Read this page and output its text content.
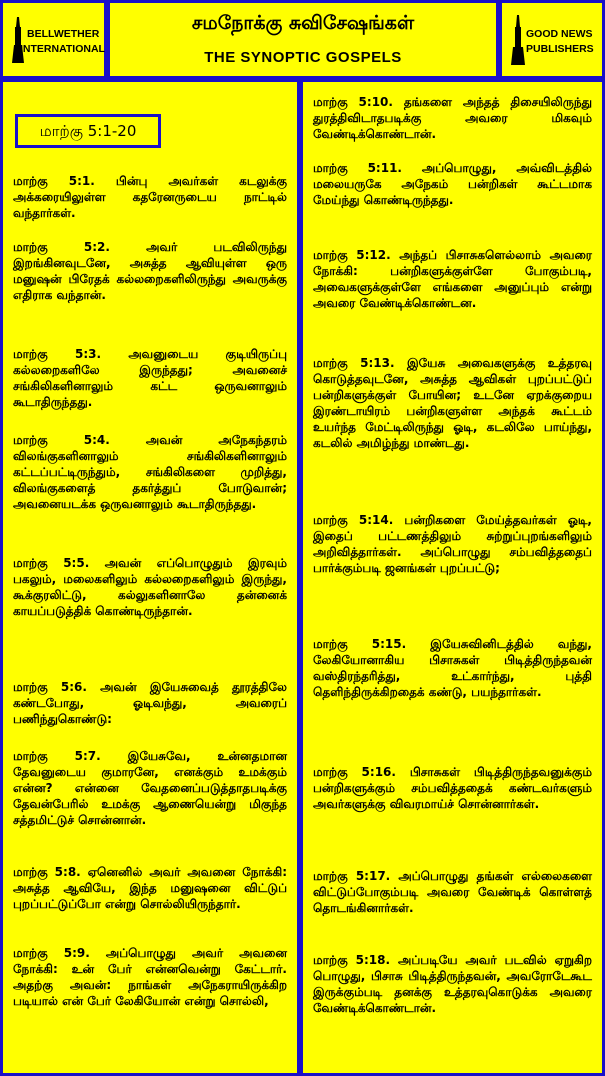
BELLWETHER
INTERNATIONAL
சமநோக்கு சுவிசேஷங்கள்
THE SYNOPTIC GOSPELS
GOOD NEWS
PUBLISHERS
மாற்கு 5:1-20
மாற்கு 5:1. பின்பு அவர்கள் கடலுக்கு அக்கரையிலுள்ள கதரேனருடைய நாட்டில் வந்தார்கள்.
மாற்கு 5:2. அவர் படவிலிருந்து இறங்கினவுடனே, அசுத்த ஆவியுள்ள ஒரு மனுஷன் பிரேதக் கல்லறைகளிலிருந்து அவருக்கு எதிராக வந்தான்.
மாற்கு 5:3. அவனுடைய குடியிருப்பு கல்லறைகளிலே இருந்தது; அவனைச் சங்கிலிகளினாலும் கட்ட ஒருவனாலும் கூடாதிருந்தது.
மாற்கு 5:4. அவன் அநேகந்தரம் விலங்குகளினாலும் சங்கிலிகளினாலும் கட்டப்பட்டிருந்தும், சங்கிலிகளை முறித்து, விலங்குகளைத் தகர்த்துப் போடுவான்; அவனையடக்க ஒருவனாலும் கூடாதிருந்தது.
மாற்கு 5:5. அவன் எப்பொழுதும் இரவும் பகலும், மலைகளிலும் கல்லறைகளிலும் இருந்து, கூக்குரலிட்டு, கல்லுகளினாலே தன்னைக் காயப்படுத்திக் கொண்டிருந்தான்.
மாற்கு 5:6. அவன் இயேசுவைத் தூரத்திலே கண்டபோது, ஓடிவந்து, அவரைப் பணிந்துகொண்டு:
மாற்கு 5:7. இயேசுவே, உன்னதமான தேவனுடைய குமாரனே, எனக்கும் உமக்கும் என்ன? என்னை வேதனைப்படுத்தாதபடிக்கு தேவன்பேரில் உமக்கு ஆணையென்று மிகுந்த சத்தமிட்டுச் சொன்னான்.
மாற்கு 5:8. ஏனெனில் அவர் அவனை நோக்கி: அசுத்த ஆவியே, இந்த மனுஷனை விட்டுப் புறப்பட்டுப்போ என்று சொல்லியிருந்தார்.
மாற்கு 5:9. அப்பொழுது அவர் அவனை நோக்கி: உன் பேர் என்னவென்று கேட்டார். அதற்கு அவன்: நாங்கள் அநேகராயிருக்கிற படியால் என் பேர் லேகியோன் என்று சொல்லி,
மாற்கு 5:10. தங்களை அந்தத் திசையிலிருந்து துரத்திவிடாதபடிக்கு அவரை மிகவும் வேண்டிக்கொண்டான்.
மாற்கு 5:11. அப்பொழுது, அவ்விடத்தில் மலையருகே அநேகம் பன்றிகள் கூட்டமாக மேய்ந்து கொண்டிருந்தது.
மாற்கு 5:12. அந்தப் பிசாசுகளெல்லாம் அவரை நோக்கி: பன்றிகளுக்குள்ளே போகும்படி, அவைகளுக்குள்ளே எங்களை அனுப்பும் என்று அவரை வேண்டிக்கொண்டன.
மாற்கு 5:13. இயேசு அவைகளுக்கு உத்தரவு கொடுத்தவுடனே, அசுத்த ஆவிகள் புறப்பட்டுப் பன்றிகளுக்குள் போயின; உடனே ஏறக்குறைய இரண்டாயிரம் பன்றிகளுள்ள அந்தக் கூட்டம் உயர்ந்த மேட்டிலிருந்து ஓடி, கடலிலே பாய்ந்து, கடலில் அமிழ்ந்து மாண்டது.
மாற்கு 5:14. பன்றிகளை மேய்த்தவர்கள் ஓடி, இதைப் பட்டணத்திலும் சுற்றுப்புறங்களிலும் அறிவித்தார்கள். அப்பொழுது சம்பவித்ததைப் பார்க்கும்படி ஜனங்கள் புறப்பட்டு;
மாற்கு 5:15. இயேசுவினிடத்தில் வந்து, லேகியோனாகிய பிசாசுகள் பிடித்திருந்தவன் வஸ்திரந்தரித்து, உட்கார்ந்து, புத்தி தெளிந்திருக்கிறதைக் கண்டு, பயந்தார்கள்.
மாற்கு 5:16. பிசாசுகள் பிடித்திருந்தவனுக்கும் பன்றிகளுக்கும் சம்பவித்ததைக் கண்டவர்களும் அவர்களுக்கு விவரமாய்ச் சொன்னார்கள்.
மாற்கு 5:17. அப்பொழுது தங்கள் எல்லைகளை விட்டுப்போகும்படி அவரை வேண்டிக் கொள்ளத் தொடங்கினார்கள்.
மாற்கு 5:18. அப்படியே அவர் படவில் ஏறுகிற பொழுது, பிசாசு பிடித்திருந்தவன், அவரோடேகூட இருக்கும்படி தனக்கு உத்தரவுகொடுக்க அவரை வேண்டிக்கொண்டான்.
